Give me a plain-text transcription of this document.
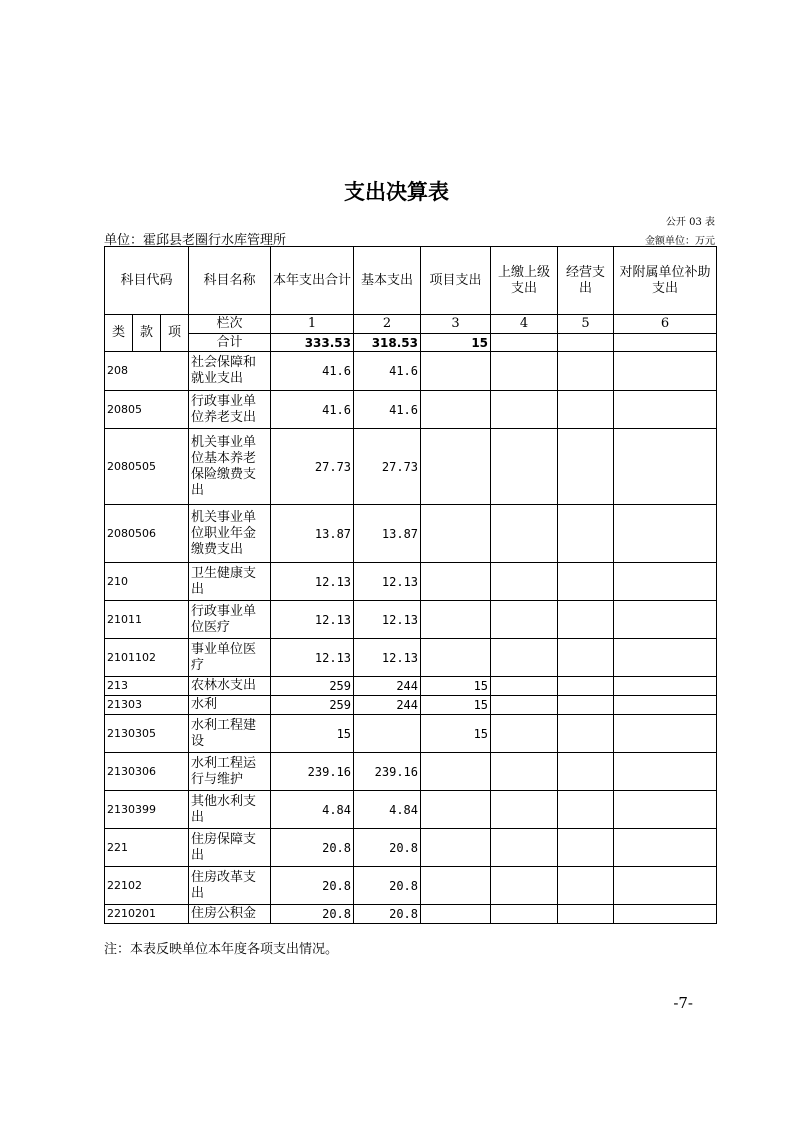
支出决算表
公开 03 表
单位：霍邱县老圈行水库管理所	金额单位：万元
科目代码			科目名称	本年支出合计	基本支出	项目支出	上缴上级支出	经营支出	对附属单位补助支出
类	款	项	栏次	1	2	3	4	5	6
			合计	333.53	318.53	15			
208			社会保障和就业支出	41.6	41.6				
20805			行政事业单位养老支出	41.6	41.6				
2080505			机关事业单位基本养老保险缴费支出	27.73	27.73				
2080506			机关事业单位职业年金缴费支出	13.87	13.87				
210			卫生健康支出	12.13	12.13				
21011			行政事业单位医疗	12.13	12.13				
2101102			事业单位医疗	12.13	12.13				
213			农林水支出	259	244	15			
21303			水利	259	244	15			
2130305			水利工程建设	15		15			
2130306			水利工程运行与维护	239.16	239.16				
2130399			其他水利支出	4.84	4.84				
221			住房保障支出	20.8	20.8				
22102			住房改革支出	20.8	20.8				
2210201			住房公积金	20.8	20.8				
注：本表反映单位本年度各项支出情况。
-7-
